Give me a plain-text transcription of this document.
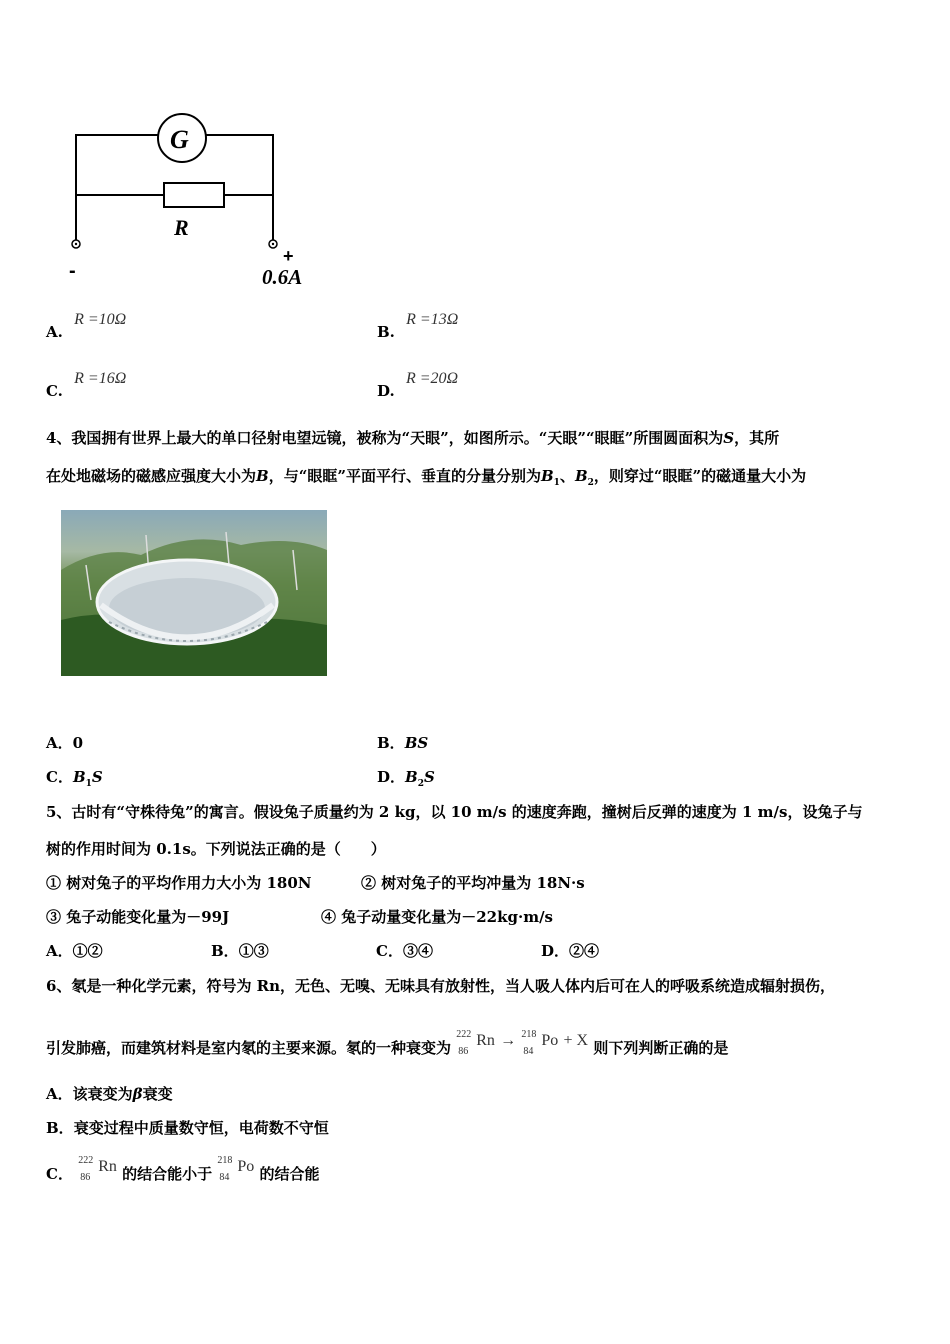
G
R
-
+
0.6A
A. R =10Ω
B. R =13Ω
C. R =16Ω
D. R =20Ω
4、我国拥有世界上最大的单口径射电望远镜，被称为“天眼”，如图所示。“天眼”“眼眶”所围圆面积为S，其所
在处地磁场的磁感应强度大小为B，与“眼眶”平面平行、垂直的分量分别为$B_1$、$B_2$，则穿过“眼眶”的磁通量大小为
A．0	B．BS
C．$B_1S$	D．$B_2S$
5、古时有“守株待兔”的寓言。假设兔子质量约为 2 kg，以 10 m/s 的速度奔跑，撞树后反弹的速度为 1 m/s，设兔子与
树的作用时间为 0.1s。下列说法正确的是（　　）
① 树对兔子的平均作用力大小为 180N	② 树对兔子的平均冲量为 18N·s
③ 兔子动能变化量为－99J	④ 兔子动量变化量为－22kg·m/s
A．①②	B．①③	C．③④	D．②④
6、氡是一种化学元素，符号为 Rn，无色、无嗅、无味具有放射性，当人吸人体内后可在人的呼吸系统造成辐射损伤，
引发肺癌，而建筑材料是室内氡的主要来源。氡的一种衰变为
222
86
Rn → 218
84
Po + X 则下列判断正确的是
A．该衰变为β衰变
B．衰变过程中质量数守恒，电荷数不守恒
C．
222
86
Rn 的结合能小于
218
84
Po 的结合能
